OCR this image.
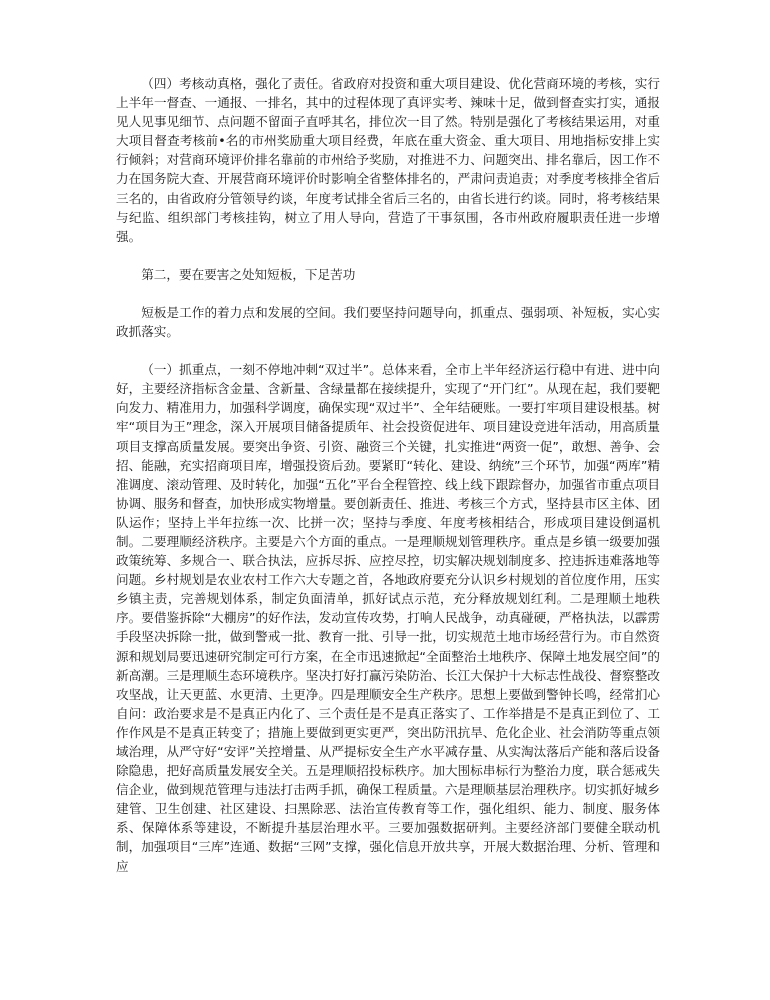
（四）考核动真格，强化了责任。省政府对投资和重大项目建设、优化营商环境的考核，实行上半年一督查、一通报、一排名，其中的过程体现了真评实考、辣味十足，做到督查实打实，通报见人见事见细节、点问题不留面子直呼其名，排位次一目了然。特别是强化了考核结果运用，对重大项目督查考核前•名的市州奖励重大项目经费，年底在重大资金、重大项目、用地指标安排上实行倾斜；对营商环境评价排名靠前的市州给予奖励，对推进不力、问题突出、排名靠后，因工作不力在国务院大查、开展营商环境评价时影响全省整体排名的，严肃问责追责；对季度考核排全省后三名的，由省政府分管领导约谈，年度考试排全省后三名的，由省长进行约谈。同时，将考核结果与纪监、组织部门考核挂钩，树立了用人导向，营造了干事氛围，各市州政府履职责任进一步增强。

第二，要在要害之处知短板，下足苦功

短板是工作的着力点和发展的空间。我们要坚持问题导向，抓重点、强弱项、补短板，实心实政抓落实。

（一）抓重点，一刻不停地冲刺“双过半”。总体来看，全市上半年经济运行稳中有进、进中向好，主要经济指标含金量、含新量、含绿量都在接续提升，实现了“开门红”。从现在起，我们要靶向发力、精准用力，加强科学调度，确保实现“双过半”、全年结硬账。一要打牢项目建设根基。树牢“项目为王”理念，深入开展项目储备提质年、社会投资促进年、项目建设竞进年活动，用高质量项目支撑高质量发展。要突出争资、引资、融资三个关键，扎实推进“两资一促”，敢想、善争、会招、能融，充实招商项目库，增强投资后劲。要紧盯“转化、建设、纳统”三个环节，加强“两库”精准调度、滚动管理、及时转化，加强“五化”平台全程管控、线上线下跟踪督办，加强省市重点项目协调、服务和督查，加快形成实物增量。要创新责任、推进、考核三个方式，坚持县市区主体、团队运作；坚持上半年拉练一次、比拼一次；坚持与季度、年度考核相结合，形成项目建设倒逼机制。二要理顺经济秩序。主要是六个方面的重点。一是理顺规划管理秩序。重点是乡镇一级要加强政策统筹、多规合一、联合执法，应拆尽拆、应控尽控，切实解决规划制度多、控违拆违难落地等问题。乡村规划是农业农村工作六大专题之首，各地政府要充分认识乡村规划的首位度作用，压实乡镇主责，完善规划体系，制定负面清单，抓好试点示范，充分释放规划红利。二是理顺土地秩序。要借鉴拆除“大棚房”的好作法，发动宣传攻势，打响人民战争，动真碰硬，严格执法，以霹雳手段坚决拆除一批，做到警戒一批、教育一批、引导一批，切实规范土地市场经营行为。市自然资源和规划局要迅速研究制定可行方案，在全市迅速掀起“全面整治土地秩序、保障土地发展空间”的新高潮。三是理顺生态环境秩序。坚决打好打赢污染防治、长江大保护十大标志性战役、督察整改攻坚战，让天更蓝、水更清、土更净。四是理顺安全生产秩序。思想上要做到警钟长鸣，经常扪心自问：政治要求是不是真正内化了、三个责任是不是真正落实了、工作举措是不是真正到位了、工作作风是不是真正转变了；措施上要做到更实更严，突出防汛抗旱、危化企业、社会消防等重点领域治理，从严守好“安评”关控增量、从严提标安全生产水平减存量、从实淘汰落后产能和落后设备除隐患，把好高质量发展安全关。五是理顺招投标秩序。加大围标串标行为整治力度，联合惩戒失信企业，做到规范管理与违法打击两手抓，确保工程质量。六是理顺基层治理秩序。切实抓好城乡建管、卫生创建、社区建设、扫黑除恶、法治宣传教育等工作，强化组织、能力、制度、服务体系、保障体系等建设，不断提升基层治理水平。三要加强数据研判。主要经济部门要健全联动机制，加强项目“三库”连通、数据“三网”支撑，强化信息开放共享，开展大数据治理、分析、管理和应
